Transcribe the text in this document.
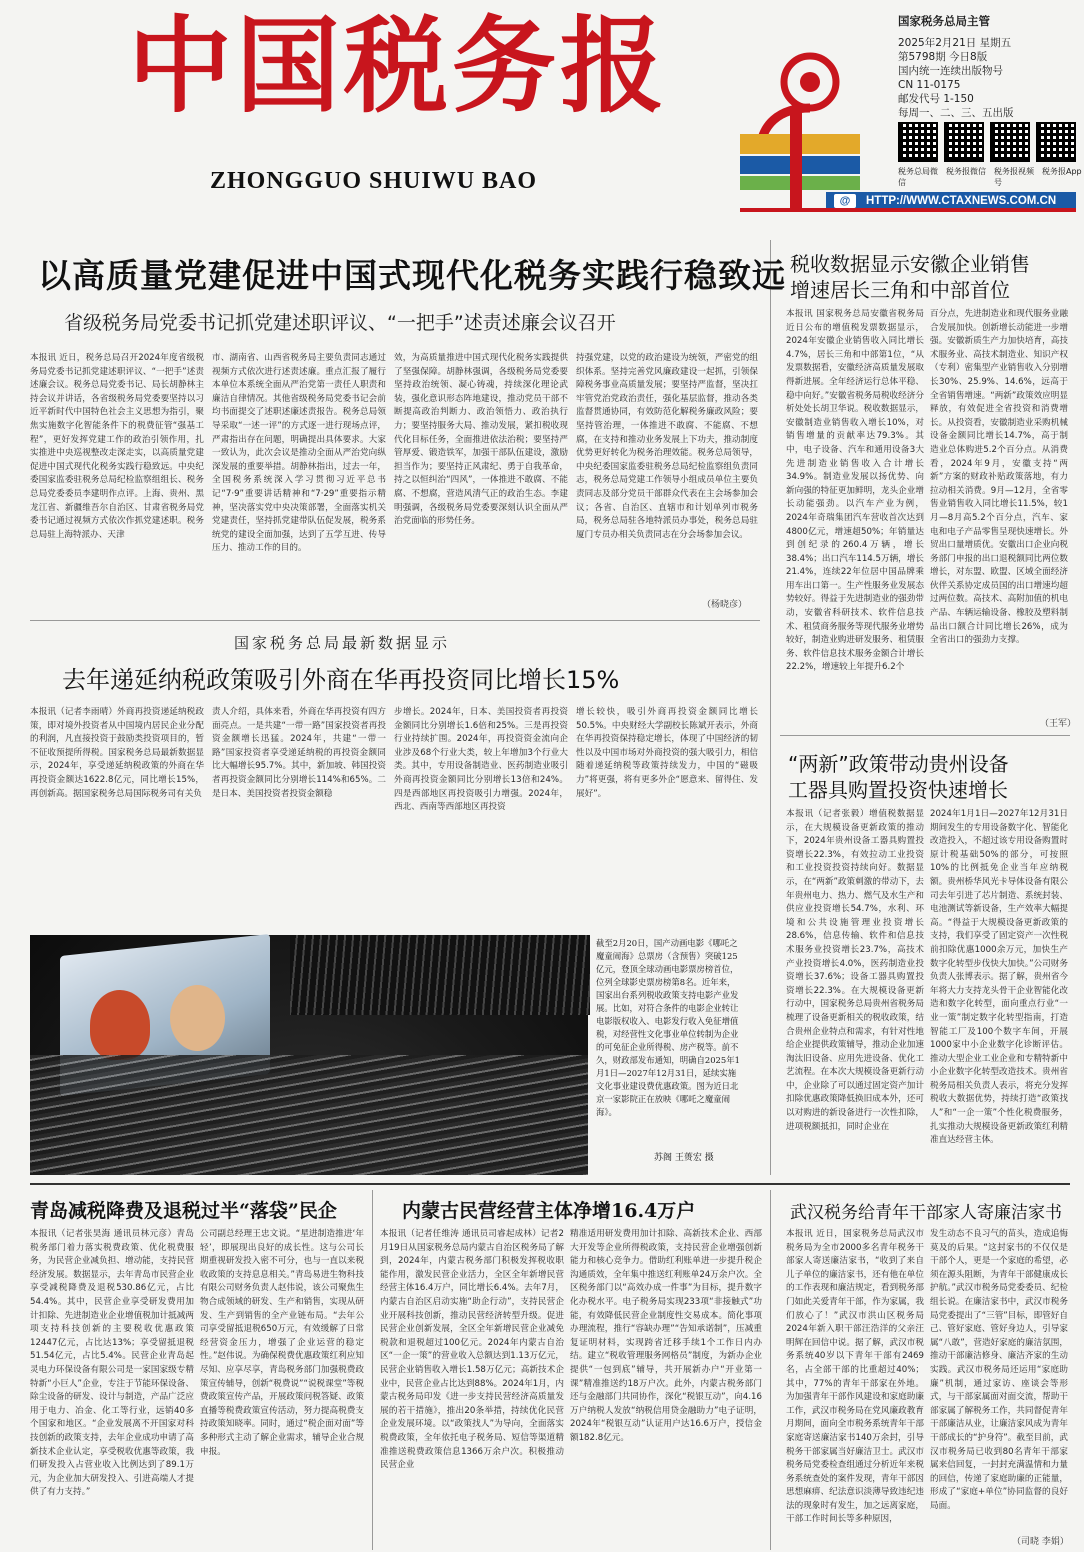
中国税务报
ZHONGGUO SHUIWU BAO
国家税务总局主管
2025年2月21日 星期五
第5798期 今日8版
国内统一连续出版物号
CN 11-0175
邮发代号 1-150
每周一、二、三、五出版
税务总局微信
税务报微信 税务报视频号
税务报App
@	HTTP://WWW.CTAXNEWS.COM.CN
以高质量党建促进中国式现代化税务实践行稳致远
省级税务局党委书记抓党建述职评议、“一把手”述责述廉会议召开
本报讯 近日，税务总局召开2024年度省级税务局党委书记抓党建述职评议、“一把手”述责述廉会议。税务总局党委书记、局长胡静林主持会议并讲话，各省级税务局党委要坚持以习近平新时代中国特色社会主义思想为指引，聚焦实施数字化智能条件下的税费征管“强基工程”，更好发挥党建工作的政治引领作用，扎实推进中央巡视整改走深走实，以高质量党建促进中国式现代化税务实践行稳致远。中央纪委国家监委驻税务总局纪检监察组组长、税务总局党委委员李建明作点评。上海、贵州、黑龙江省、新疆维吾尔自治区、甘肃省税务局党委书记通过视频方式依次作抓党建述职。税务总局驻上海特派办、天津
市、湖南省、山西省税务局主要负责同志通过视频方式依次进行述责述廉。重点汇报了履行本单位本系统全面从严治党第一责任人职责和廉洁自律情况。其他省级税务局党委书记会前均书面提交了述职述廉述责报告。税务总局领导采取“一述一评”的方式逐一进行现场点评，严肃指出存在问题，明确提出具体要求。大家一致认为，此次会议是推动全面从严治党向纵深发展的重要举措。胡静林指出，过去一年，全国税务系统深入学习贯彻习近平总书记“7·9”重要讲话精神和“7·29”重要指示精神，坚决落实党中央决策部署，全面落实机关党建责任，坚持抓党建带队伍促发展，税务系统党的建设全面加强，达到了五学互进、传导压力、推动工作的目的。
效，为高质量推进中国式现代化税务实践提供了坚强保障。胡静林强调，各级税务局党委要坚持政治统领、凝心铸魂，持续深化理论武装，强化意识形态阵地建设，推动党员干部不断提高政治判断力、政治领悟力、政治执行力；要坚持服务大局、推动发展，紧扣税收现代化目标任务，全面推进依法治税；要坚持严管厚爱、锻造铁军，加强干部队伍建设，激励担当作为；要坚持正风肃纪、勇于自我革命，持之以恒纠治“四风”，一体推进不敢腐、不能腐、不想腐，营造风清气正的政治生态。李建明强调，各级税务局党委要深刻认识全面从严治党面临的形势任务。
持强党建，以党的政治建设为统领，严密党的组织体系。坚持完善党风廉政建设一起抓，引领保障税务事业高质量发展；要坚持严监督，坚决扛牢管党治党政治责任，强化基层监督，推动各类监督贯通协同，有效防范化解税务廉政风险；要坚持管治理，一体推进不敢腐、不能腐、不想腐，在支持和推动业务发展上下功夫，推动制度优势更好转化为税务治理效能。税务总局领导，中央纪委国家监委驻税务总局纪检监察组负责同志，税务总局党建工作领导小组成员单位主要负责同志及部分党员干部群众代表在主会场参加会议；各省、自治区、直辖市和计划单列市税务局，税务总局驻各地特派员办事处，税务总局驻厦门专员办相关负责同志在分会场参加会议。
（杨晓彦）
税收数据显示安徽企业销售
增速居长三角和中部首位
本报讯 国家税务总局安徽省税务局近日公布的增值税发票数据显示，2024年安徽企业销售收入同比增长4.7%，居长三角和中部第1位，“从发票数据看，安徽经济高质量发展取得新进展。全年经济运行总体平稳、稳中向好。”安徽省税务局税收经济分析处处长胡卫华说。税收数据显示，安徽制造业销售收入增长10%，对销售增量的贡献率达79.3%。其中，电子设备、汽车和通用设备3大先进制造业销售收入合计增长34.9%。制造业发展以扬优势、向新向强的特征更加鲜明，龙头企业增长动能强劲。以汽车产业为例，2024年奇瑞集团汽车营收首次达到4800亿元，增速超50%；年销量达到创纪录的260.4万辆，增长38.4%；出口汽车114.5万辆，增长21.4%，连续22年位居中国品牌乘用车出口第一。生产性服务业发展态势较好。得益于先进制造业的强劲带动，安徽省科研技术、软件信息技术、租赁商务服务等现代服务业增势较好，制造业购进研发服务、租赁服务、软件信息技术服务金额合计增长22.2%，增速较上年提升6.2个
百分点，先进制造业和现代服务业融合发展加快。创新增长动能进一步增强。安徽新质生产力加快培育，高技术服务业、高技术制造业、知识产权（专利）密集型产业销售收入分别增长30%、25.9%、14.6%，远高于全省销售增速。“两新”政策效应明显释放，有效促进全省投资和消费增长。从投资看，安徽制造业采购机械设备金额同比增长14.7%，高于制造业总体购进5.2个百分点。从消费看，2024年9月，安徽支持“两新”方案的财政补贴政策落地，有力拉动相关消费。9月—12月，全省零售业销售收入同比增长11.5%，较1月—8月高5.2个百分点，汽车、家电和电子产品零售呈现快速增长。外贸出口量增质优。安徽出口企业向税务部门申报的出口退税额同比两位数增长，对东盟、欧盟、区域全面经济伙伴关系协定成员国的出口增速均超过两位数。高技术、高附加值的机电产品、车辆运输设备、橡胶及塑料制品出口额合计同比增长26%，成为全省出口的强劲力支撑。
（王军）
国家税务总局最新数据显示
去年递延纳税政策吸引外商在华再投资同比增长15%
本报讯（记者李雨晴）外商再投资递延纳税政策，即对境外投资者从中国境内居民企业分配的利润，凡直接投资于鼓励类投资项目的，暂不征收预提所得税。国家税务总局最新数据显示，2024年，享受递延纳税政策的外商在华再投资金额达1622.8亿元，同比增长15%，再创新高。据国家税务总局国际税务司有关负
责人介绍，具体来看，外商在华再投资有四方面亮点。一是共建“一带一路”国家投资者再投资金额增长迅猛。2024年，共建“一带一路”国家投资者享受递延纳税的再投资金额同比大幅增长95.7%。其中，新加坡、韩国投资者再投资金额同比分别增长114%和65%。二是日本、美国投资者投资金额稳
步增长。2024年，日本、美国投资者再投资金额同比分别增长1.6倍和25%。三是再投资行业持续扩围。2024年，再投资资金流向企业涉及68个行业大类，较上年增加3个行业大类。其中，专用设备制造业、医药制造业吸引外商再投资金额同比分别增长13倍和24%。四是西部地区再投资吸引力增强。2024年，西北、西南等西部地区再投资
增长较快，吸引外商再投资金额同比增长50.5%。中央财经大学副校长陈斌开表示，外商在华再投资保持稳定增长，体现了中国经济的韧性以及中国市场对外商投资的强大吸引力，相信随着递延纳税等政策持续发力，中国的“磁吸力”将更强，将有更多外企“愿意来、留得住、发展好”。
截至2月20日，国产动画电影《哪吒之魔童闹海》总票房（含预售）突破125亿元，登顶全球动画电影票房榜首位，位列全球影史票房榜第8名。近年来，国家出台系列税收政策支持电影产业发展。比如，对符合条件的电影企业转让电影版权收入、电影发行收入免征增值税，对经营性文化事业单位转制为企业的可免征企业所得税、房产税等。前不久，财政部发布通知，明确自2025年1月1日—2027年12月31日，延续实施文化事业建设费优惠政策。图为近日北京一家影院正在放映《哪吒之魔童闹海》。
苏阁 王蒉宏 摄
“两新”政策带动贵州设备
工器具购置投资快速增长
本报讯（记者张毅）增值税数据显示，在大规模设备更新政策的推动下，2024年贵州设备工器具购置投资增长22.3%，有效拉动工业投资和工业投资投资持续向好。数据显示，在“两新”政策刺激的带动下，去年贵州电力、热力、燃气及水生产和供应业投资增长54.7%，水利、环境和公共设施管理业投资增长28.6%，信息传输、软件和信息技术服务业投资增长23.7%，高技术产业投资增长4.0%，医药制造业投资增长37.6%；设备工器具购置投资增长22.3%。在大规模设备更新行动中，国家税务总局贵州省税务局梳理了设备更新相关的税收政策，结合贵州企业特点和需求，有针对性地给企业提供政策辅导，推动企业加速淘汰旧设备、应用先进设备、优化工艺流程。在本次大规模设备更新行动中，企业除了可以通过固定资产加计扣除优惠政策降低换旧成本外，还可以对购进的新设备进行一次性扣除，进项税额抵扣，同时企业在
2024年1月1日—2027年12月31日期间发生的专用设备数字化、智能化改造投入，不超过该专用设备购置时原计税基础50%的部分，可按照10%的比例抵免企业当年应纳税额。贵州桥华风光卡导体设备有限公司去年引进了芯片制造、系统封装、电池测试等新设备，生产效率大幅提高。“得益于大规模设备更新政策的支持，我们享受了固定资产一次性税前扣除优惠1000余万元，加快生产数字化转型步伐快大加快。”公司财务负责人张博表示。据了解，贵州省今年将大力支持龙头骨干企业智能化改造和数字化转型，面向重点行业“一业一策”制定数字化转型指南，打造智能工厂及100个数字车间，开展1000家中小企业数字化诊断评估。推动大型企业工业企业和专精特新中小企业数字化转型改造技术。贵州省税务局相关负责人表示，将充分发挥税收大数据优势，持续打造“政策找人”和“一企一策”个性化税费服务，扎实推动大规模设备更新政策红利精准直达经营主体。
青岛减税降费及退税过半“落袋”民企
本报讯（记者张昊海 通讯员林元彦）青岛税务部门着力落实税费政策、优化税费服务，为民营企业减负担、增动能，支持民营经济发展。数据显示，去年青岛市民营企业享受减税降费及退税530.86亿元，占比54.4%。其中，民营企业享受研发费用加计扣除、先进制造业企业增值税加计抵减两项支持科技创新的主要税收优惠政策12447亿元，占比达13%；享受留抵退税51.54亿元，占比5.4%。民营企业青岛起灵电力环保设备有限公司是一家国家级专精特新“小巨人”企业，专注于节能环保设备、除尘设备的研发、设计与制造，产品广泛应用于电力、冶金、化工等行业，远销40多个国家和地区。“企业发展离不开国家对科技创新的政策支持，去年企业成功申请了高新技术企业认定，享受税收优惠等政策，我们研发投入占营业收入比例达到了89.1万元，为企业加大研发投入、引进高端人才提供了有力支持。”
公司副总经理王忠文说。“星进制造推进‘年轻’，即展现出良好的成长性。这与公司长期重视研发投入密不可分，也与一直以来税收政策的支持息息相关。”青岛易进生物科技有限公司财务负责人赵伟说，该公司聚焦生物合成领域的研发、生产和销售，实现从研发、生产到销售的全产业链布局。“去年公司享受留抵退税650万元，有效缓解了日常经营资金压力，增强了企业运营的稳定性。”赵伟说。为确保税费优惠政策红利应知尽知、应享尽享，青岛税务部门加强税费政策宣传辅导，创新“税费说”“说税课堂”等税费政策宣传产品，开展政策问税答疑、政策直播等税费政策宣传活动，努力提高税费支持政策知晓率。同时，通过“税企面对面”等多种形式主动了解企业需求，辅导企业合规申报。
内蒙古民营经营主体净增16.4万户
本报讯（记者任维涛 通讯员司睿起成林）记者2月19日从国家税务总局内蒙古自治区税务局了解到，2024年，内蒙古税务部门积极发挥税收职能作用，激发民营企业活力，全区全年新增民营经营主体16.4万户，同比增长6.4%。去年7月，内蒙古自治区启动实施“助企行动”，支持民营企业开展科技创新，推动民营经济转型升级。促进民营企业创新发展，全区全年新增民营企业减免税款和退税超过100亿元。2024年内蒙古自治区“一企一策”的营业收入总额达到1.13万亿元，民营企业销售收入增长1.58万亿元；高新技术企业中，民营企业占比达到88%。2024年1月，内蒙古税务局印发《进一步支持民营经济高质量发展的若干措施》，推出20条举措，持续优化民营企业发展环境。以“政策找人”为导向，全面落实税费政策，全年依托电子税务局、短信等渠道精准推送税费政策信息1366万余户次。积极推动民营企业
精准适用研发费用加计扣除、高新技术企业、西部大开发等企业所得税政策，支持民营企业增强创新能力和核心竞争力。借助红利账单进一步提升税企沟通质效，全年集中推送红利账单24万余户次。全区税务部门以“高效办成一件事”为目标，提升数字化办税水平。电子税务局实现233项“非接触式”功能，有效降低民营企业制度性交易成本。简化事项办理流程，推行“容缺办理”“告知承诺制”，压减重复证明材料，实现跨省迁移手续1个工作日内办结。建立“税收管理服务网格员”制度，为新办企业提供“一包到底”辅导，共开展新办户“开业第一课”精准推送约18万户次。此外，内蒙古税务部门还与金融部门共同协作，深化“税银互动”，向4.16万户纳税人发放“纳税信用贷金融助力”电子证明，2024年“税银互动”认证用户达16.6万户，授信金额182.8亿元。
武汉税务给青年干部家人寄廉洁家书
本报讯 近日，国家税务总局武汉市税务局为全市2000多名青年税务干部家人寄送廉洁家书，“收到了来自儿子单位的廉洁家书，还有他在单位的工作表现和廉洁规定，看到税务部门如此关爱青年干部，作为家属，我们放心了！”武汉市洪山区税务局2024年新入职干部汪浩洋的父亲汪明辉在回信中说。据了解，武汉市税务系统40岁以下青年干部有2469名，占全部干部的比重超过40%；其中，77%的青年干部家在外地。为加强青年干部作风建设和家庭助廉工作，武汉市税务局在党风廉政教育月期间，面向全市税务系统青年干部家庭寄送廉洁家书140万余封，引导税务干部家属当好廉洁卫士。武汉市税务局党委检查组通过分析近年来税务系统查处的案件发现，青年干部因思想麻痹、纪法意识淡薄导致违纪违法的现象时有发生，加之远离家庭，干部工作时间长等多种原因，
发生动态不良习气的苗头，造成追悔莫及的后果。“这封家书的不仅仅是干部个人，更是一个家庭的希望，必须在源头阻断，为青年干部健康成长护航。”武汉市税务局党委委员、纪检组长说。在廉洁家书中，武汉市税务局党委提出了“三管”目标，即管好自己、管好家庭、管好身边人，引导家属“八敢”，营造好家庭的廉洁氛围，推动干部廉洁修身、廉洁齐家的生动实践。武汉市税务局还运用“家庭助廉”机制，通过家访、座谈会等形式，与干部家属面对面交流，帮助干部家属了解税务工作，共同督促青年干部廉洁从业，让廉洁家风成为青年干部成长的“护身符”。截至目前，武汉市税务局已收到80名青年干部家属来信回复，一封封充满温情和力量的回信，传递了家庭助廉的正能量，形成了“家庭+单位”协同监督的良好局面。
（司晓 李娟）
